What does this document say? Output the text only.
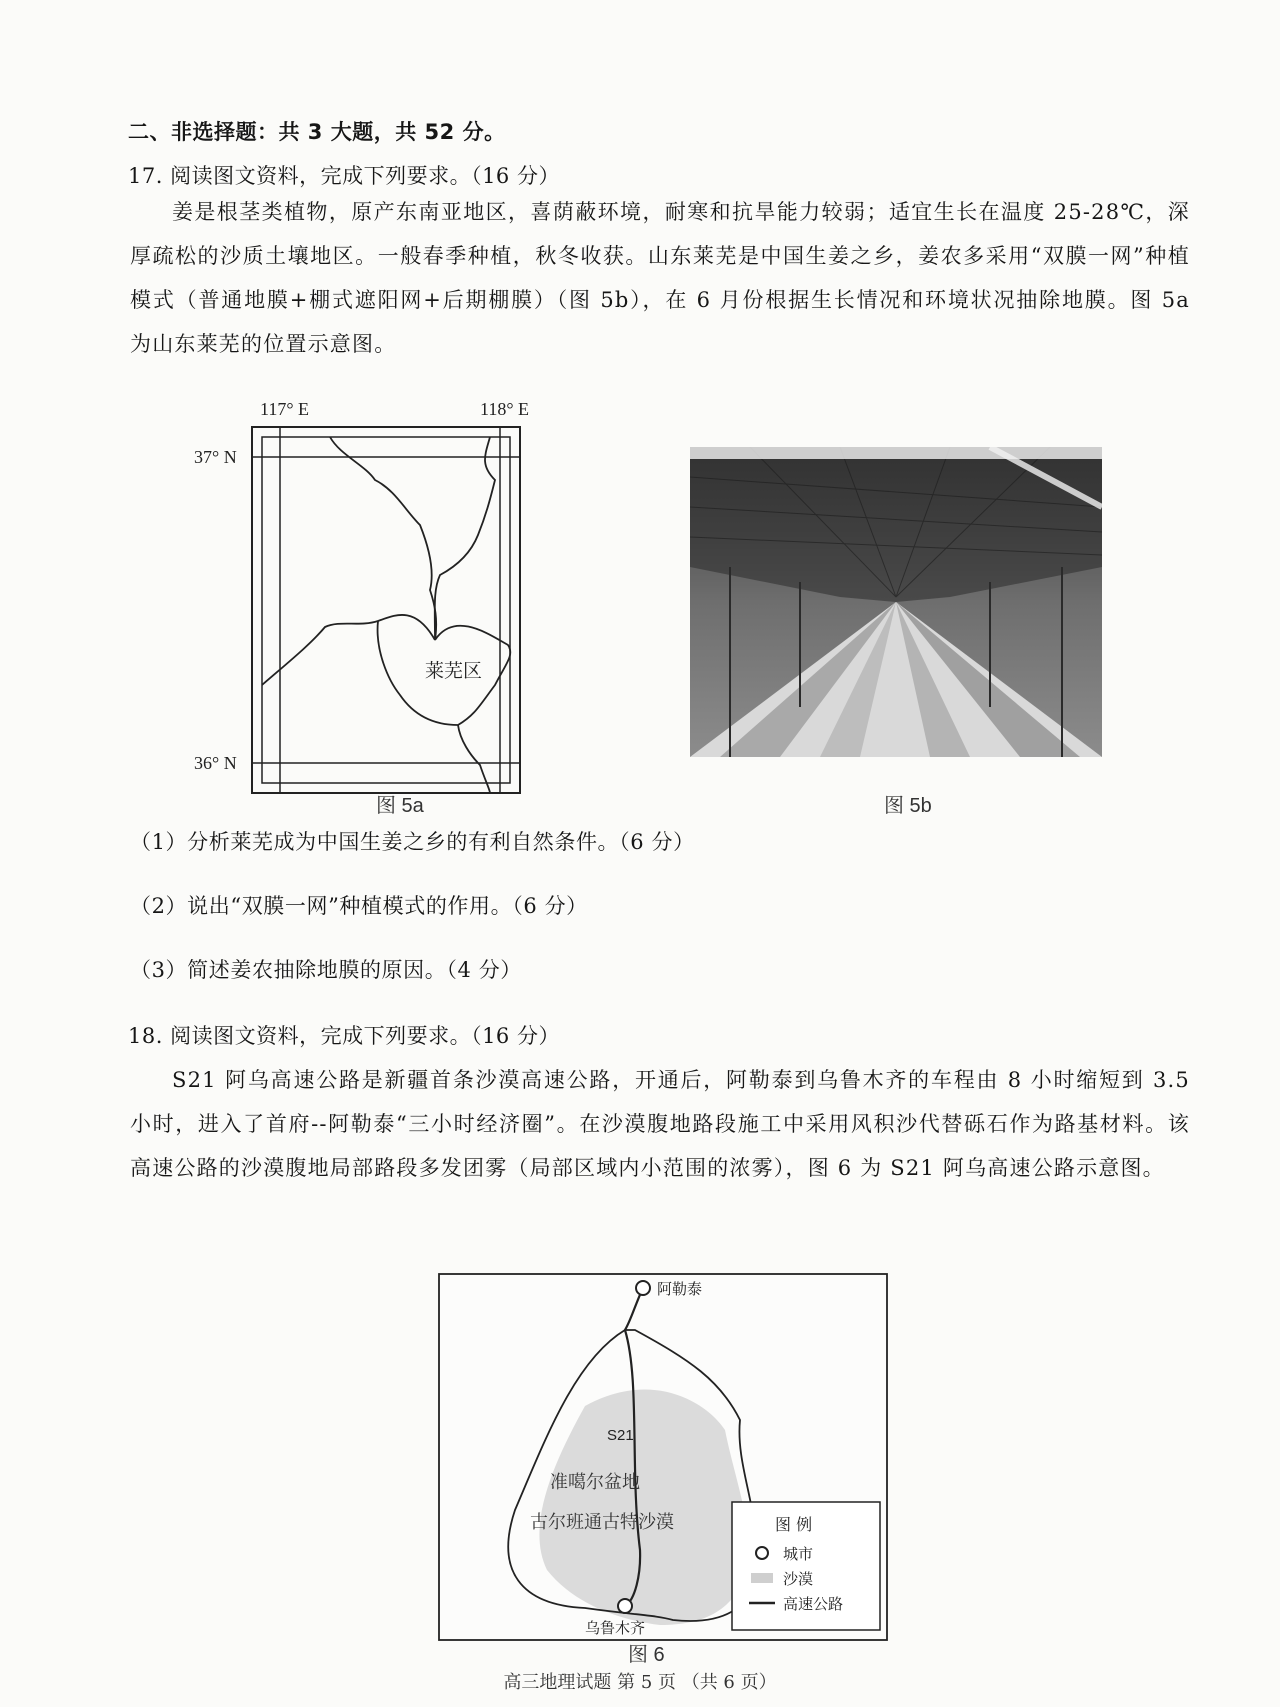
二、非选择题：共 3 大题，共 52 分。
17. 阅读图文资料，完成下列要求。（16 分）
姜是根茎类植物，原产东南亚地区，喜荫蔽环境，耐寒和抗旱能力较弱；适宜生长在温度 25-28℃，深厚疏松的沙质土壤地区。一般春季种植，秋冬收获。山东莱芜是中国生姜之乡，姜农多采用“双膜一网”种植模式（普通地膜+棚式遮阳网+后期棚膜）（图 5b），在 6 月份根据生长情况和环境状况抽除地膜。图 5a 为山东莱芜的位置示意图。
117° E	118° E
37° N
36° N
莱芜区
图 5a	图 5b
（1）分析莱芜成为中国生姜之乡的有利自然条件。（6 分）
（2）说出“双膜一网”种植模式的作用。（6 分）
（3）简述姜农抽除地膜的原因。（4 分）
18. 阅读图文资料，完成下列要求。（16 分）
S21 阿乌高速公路是新疆首条沙漠高速公路，开通后，阿勒泰到乌鲁木齐的车程由 8 小时缩短到 3.5 小时，进入了首府--阿勒泰“三小时经济圈”。在沙漠腹地路段施工中采用风积沙代替砾石作为路基材料。该高速公路的沙漠腹地局部路段多发团雾（局部区域内小范围的浓雾），图 6 为 S21 阿乌高速公路示意图。
阿勒泰
乌鲁木齐
S21
准噶尔盆地
古尔班通古特沙漠	图 例
城市
沙漠
高速公路
图 6
高三地理试题 第 5 页 （共 6 页）
